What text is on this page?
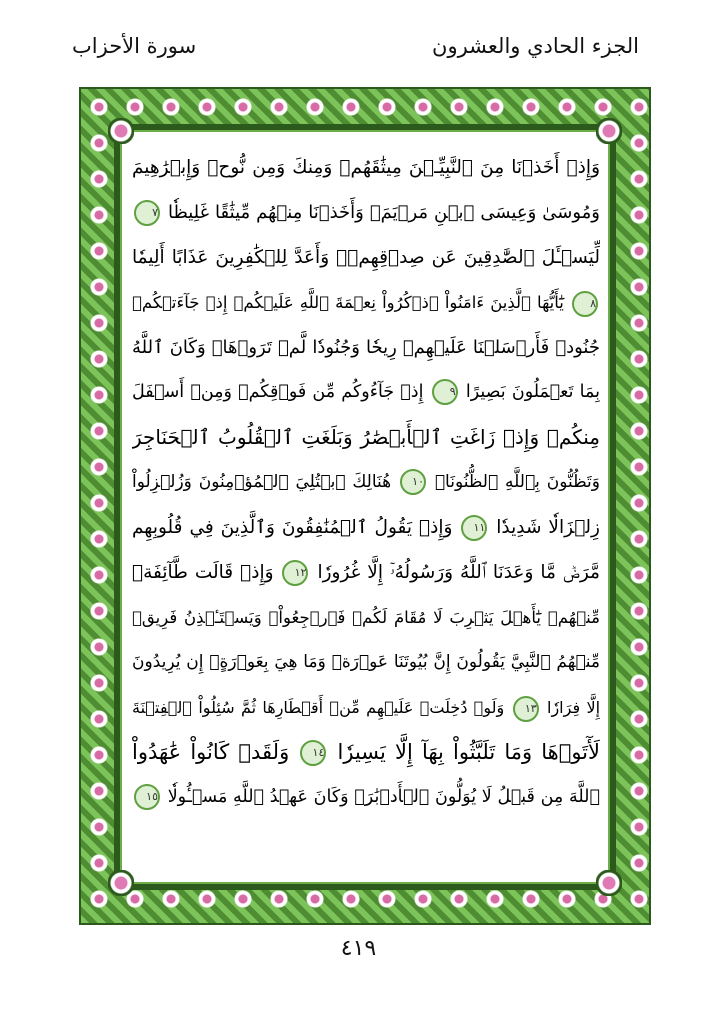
سورة الأحزاب	الجزء الحادي والعشرون
وَإِذۡ أَخَذۡنَا مِنَ ٱلنَّبِيِّـۧنَ مِيثَٰقَهُمۡ وَمِنكَ وَمِن نُّوحٖ وَإِبۡرَٰهِيمَ
وَمُوسَىٰ وَعِيسَى ٱبۡنِ مَرۡيَمَۖ وَأَخَذۡنَا مِنۡهُم مِّيثَٰقًا غَلِيظٗا ٧
لِّيَسۡـَٔلَ ٱلصَّٰدِقِينَ عَن صِدۡقِهِمۡۚ وَأَعَدَّ لِلۡكَٰفِرِينَ عَذَابًا أَلِيمٗا
٨ يَٰٓأَيُّهَا ٱلَّذِينَ ءَامَنُواْ ٱذۡكُرُواْ نِعۡمَةَ ٱللَّهِ عَلَيۡكُمۡ إِذۡ جَآءَتۡكُمۡ
جُنُودٞ فَأَرۡسَلۡنَا عَلَيۡهِمۡ رِيحٗا وَجُنُودٗا لَّمۡ تَرَوۡهَاۚ وَكَانَ ٱللَّهُ
بِمَا تَعۡمَلُونَ بَصِيرًا ٩ إِذۡ جَآءُوكُم مِّن فَوۡقِكُمۡ وَمِنۡ أَسۡفَلَ
مِنكُمۡ وَإِذۡ زَاغَتِ ٱلۡأَبۡصَٰرُ وَبَلَغَتِ ٱلۡقُلُوبُ ٱلۡحَنَاجِرَ
وَتَظُنُّونَ بِٱللَّهِ ٱلظُّنُونَا۠ ١٠ هُنَالِكَ ٱبۡتُلِيَ ٱلۡمُؤۡمِنُونَ وَزُلۡزِلُواْ
زِلۡزَالٗا شَدِيدٗا ١١ وَإِذۡ يَقُولُ ٱلۡمُنَٰفِقُونَ وَٱلَّذِينَ فِي قُلُوبِهِم
مَّرَضٞ مَّا وَعَدَنَا ٱللَّهُ وَرَسُولُهُۥٓ إِلَّا غُرُورٗا ١٢ وَإِذۡ قَالَت طَّآئِفَةٞ
مِّنۡهُمۡ يَٰٓأَهۡلَ يَثۡرِبَ لَا مُقَامَ لَكُمۡ فَٱرۡجِعُواْۚ وَيَسۡتَـٔۡذِنُ فَرِيقٞ
مِّنۡهُمُ ٱلنَّبِيَّ يَقُولُونَ إِنَّ بُيُوتَنَا عَوۡرَةٞ وَمَا هِيَ بِعَوۡرَةٍۖ إِن يُرِيدُونَ
إِلَّا فِرَارٗا ١٣ وَلَوۡ دُخِلَتۡ عَلَيۡهِم مِّنۡ أَقۡطَارِهَا ثُمَّ سُئِلُواْ ٱلۡفِتۡنَةَ
لَأٓتَوۡهَا وَمَا تَلَبَّثُواْ بِهَآ إِلَّا يَسِيرٗا ١٤ وَلَقَدۡ كَانُواْ عَٰهَدُواْ
ٱللَّهَ مِن قَبۡلُ لَا يُوَلُّونَ ٱلۡأَدۡبَٰرَۚ وَكَانَ عَهۡدُ ٱللَّهِ مَسۡـُٔولٗا ١٥
٤١٩
